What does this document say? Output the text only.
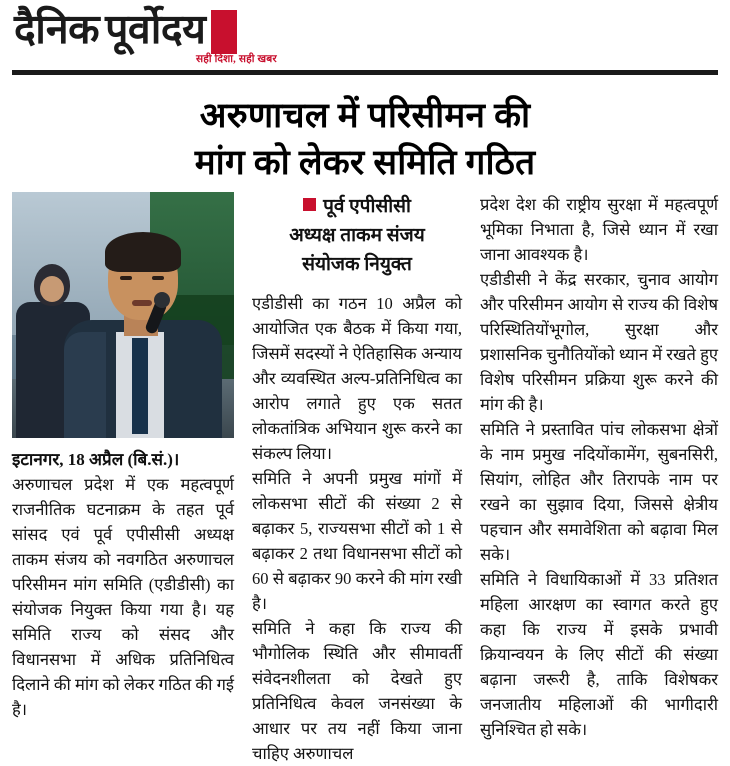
दैनिक पूर्वोदय
सही दिशा, सही खबर
अरुणाचल में परिसीमन की
मांग को लेकर समिति गठित
इटानगर, 18 अप्रैल (बि.सं.)।

अरुणाचल प्रदेश में एक महत्वपूर्ण राजनीतिक घटनाक्रम के तहत पूर्व सांसद एवं पूर्व एपीसीसी अध्यक्ष ताकम संजय को नवगठित अरुणाचल परिसीमन मांग समिति (एडीडीसी) का संयोजक नियुक्त किया गया है। यह समिति राज्य को संसद और विधानसभा में अधिक प्रतिनिधित्व दिलाने की मांग को लेकर गठित की गई है।

पूर्व एपीसीसी
अध्यक्ष ताकम संजय
संयोजक नियुक्त

एडीडीसी का गठन 10 अप्रैल को आयोजित एक बैठक में किया गया, जिसमें सदस्यों ने ऐतिहासिक अन्याय और व्यवस्थित अल्प-प्रतिनिधित्व का आरोप लगाते हुए एक सतत लोकतांत्रिक अभियान शुरू करने का संकल्प लिया।

समिति ने अपनी प्रमुख मांगों में लोकसभा सीटों की संख्या 2 से बढ़ाकर 5, राज्यसभा सीटों को 1 से बढ़ाकर 2 तथा विधानसभा सीटों को 60 से बढ़ाकर 90 करने की मांग रखी है।

समिति ने कहा कि राज्य की भौगोलिक स्थिति और सीमावर्ती संवेदनशीलता को देखते हुए प्रतिनिधित्व केवल जनसंख्या के आधार पर तय नहीं किया जाना चाहिए अरुणाचल

प्रदेश देश की राष्ट्रीय सुरक्षा में महत्वपूर्ण भूमिका निभाता है, जिसे ध्यान में रखा जाना आवश्यक है।

एडीडीसी ने केंद्र सरकार, चुनाव आयोग और परिसीमन आयोग से राज्य की विशेष परिस्थितियोंभूगोल, सुरक्षा और प्रशासनिक चुनौतियोंको ध्यान में रखते हुए विशेष परिसीमन प्रक्रिया शुरू करने की मांग की है।

समिति ने प्रस्तावित पांच लोकसभा क्षेत्रों के नाम प्रमुख नदियोंकामेंग, सुबनसिरी, सियांग, लोहित और तिरापके नाम पर रखने का सुझाव दिया, जिससे क्षेत्रीय पहचान और समावेशिता को बढ़ावा मिल सके।

समिति ने विधायिकाओं में 33 प्रतिशत महिला आरक्षण का स्वागत करते हुए कहा कि राज्य में इसके प्रभावी क्रियान्वयन के लिए सीटों की संख्या बढ़ाना जरूरी है, ताकि विशेषकर जनजातीय महिलाओं की भागीदारी सुनिश्चित हो सके।
